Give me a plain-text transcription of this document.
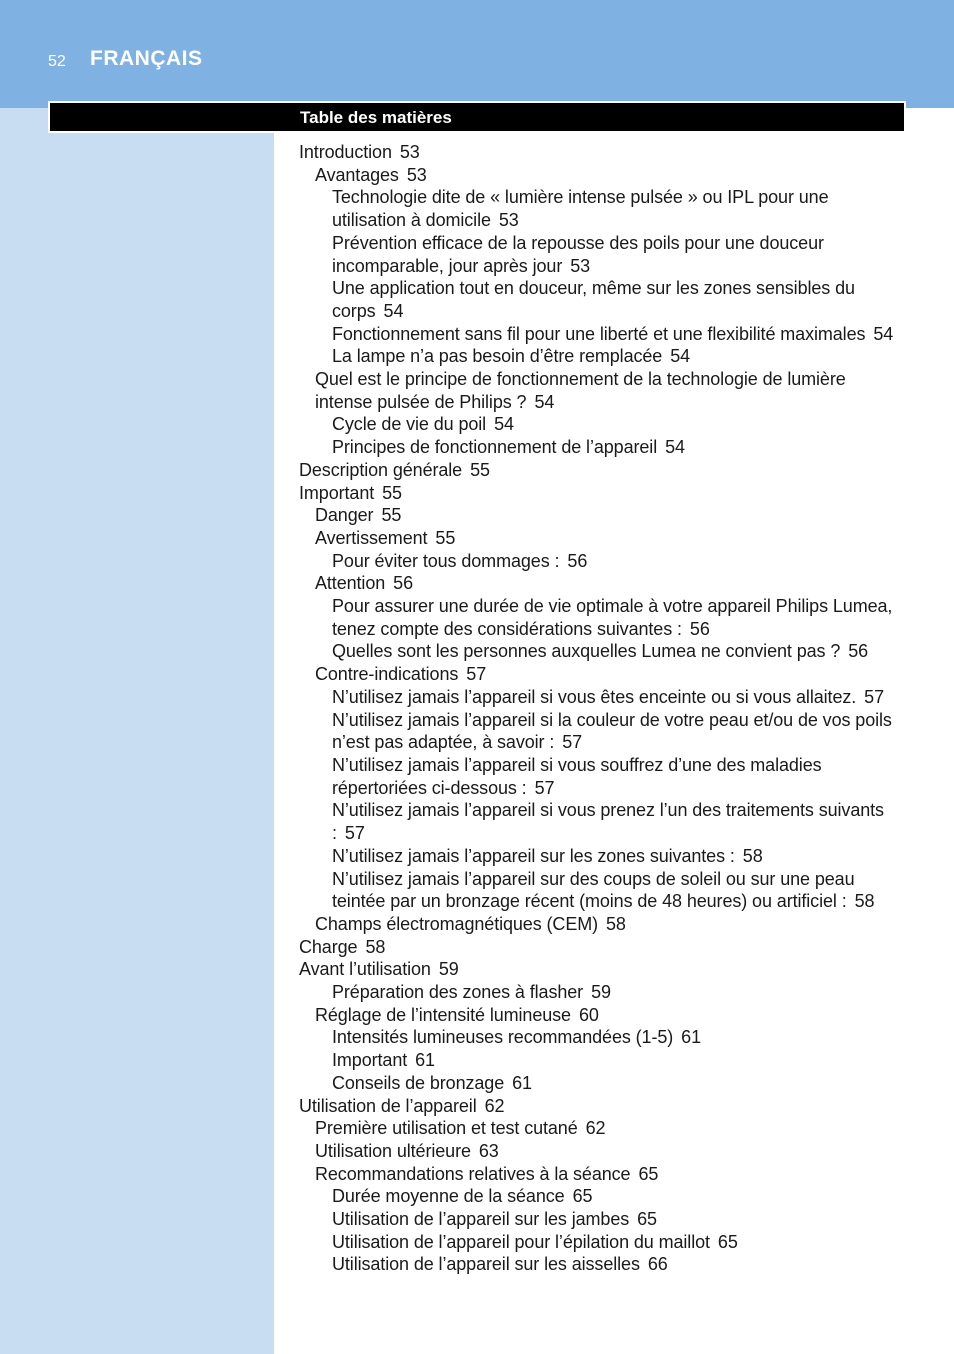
52 FRANÇAIS
Table des matières

Introduction 53

Avantages 53

Technologie dite de « lumière intense pulsée » ou IPL pour une utilisation à domicile 53

Prévention efficace de la repousse des poils pour une douceur incomparable, jour après jour 53

Une application tout en douceur, même sur les zones sensibles du corps 54

Fonctionnement sans fil pour une liberté et une flexibilité maximales 54

La lampe n’a pas besoin d’être remplacée 54

Quel est le principe de fonctionnement de la technologie de lumière intense pulsée de Philips ? 54

Cycle de vie du poil 54

Principes de fonctionnement de l’appareil 54

Description générale 55

Important 55

Danger 55

Avertissement 55

Pour éviter tous dommages : 56

Attention 56

Pour assurer une durée de vie optimale à votre appareil Philips Lumea, tenez compte des considérations suivantes : 56

Quelles sont les personnes auxquelles Lumea ne convient pas ? 56

Contre-indications 57

N’utilisez jamais l’appareil si vous êtes enceinte ou si vous allaitez. 57

N’utilisez jamais l’appareil si la couleur de votre peau et/ou de vos poils n’est pas adaptée, à savoir : 57

N’utilisez jamais l’appareil si vous souffrez d’une des maladies répertoriées ci-dessous : 57

N’utilisez jamais l’appareil si vous prenez l’un des traitements suivants : 57

N’utilisez jamais l’appareil sur les zones suivantes : 58

N’utilisez jamais l’appareil sur des coups de soleil ou sur une peau teintée par un bronzage récent (moins de 48 heures) ou artificiel : 58

Champs électromagnétiques (CEM) 58

Charge 58

Avant l’utilisation 59

Préparation des zones à flasher 59

Réglage de l’intensité lumineuse 60

Intensités lumineuses recommandées (1-5) 61

Important 61

Conseils de bronzage 61

Utilisation de l’appareil 62

Première utilisation et test cutané 62

Utilisation ultérieure 63

Recommandations relatives à la séance 65

Durée moyenne de la séance 65

Utilisation de l’appareil sur les jambes 65

Utilisation de l’appareil pour l’épilation du maillot 65

Utilisation de l’appareil sur les aisselles 66
